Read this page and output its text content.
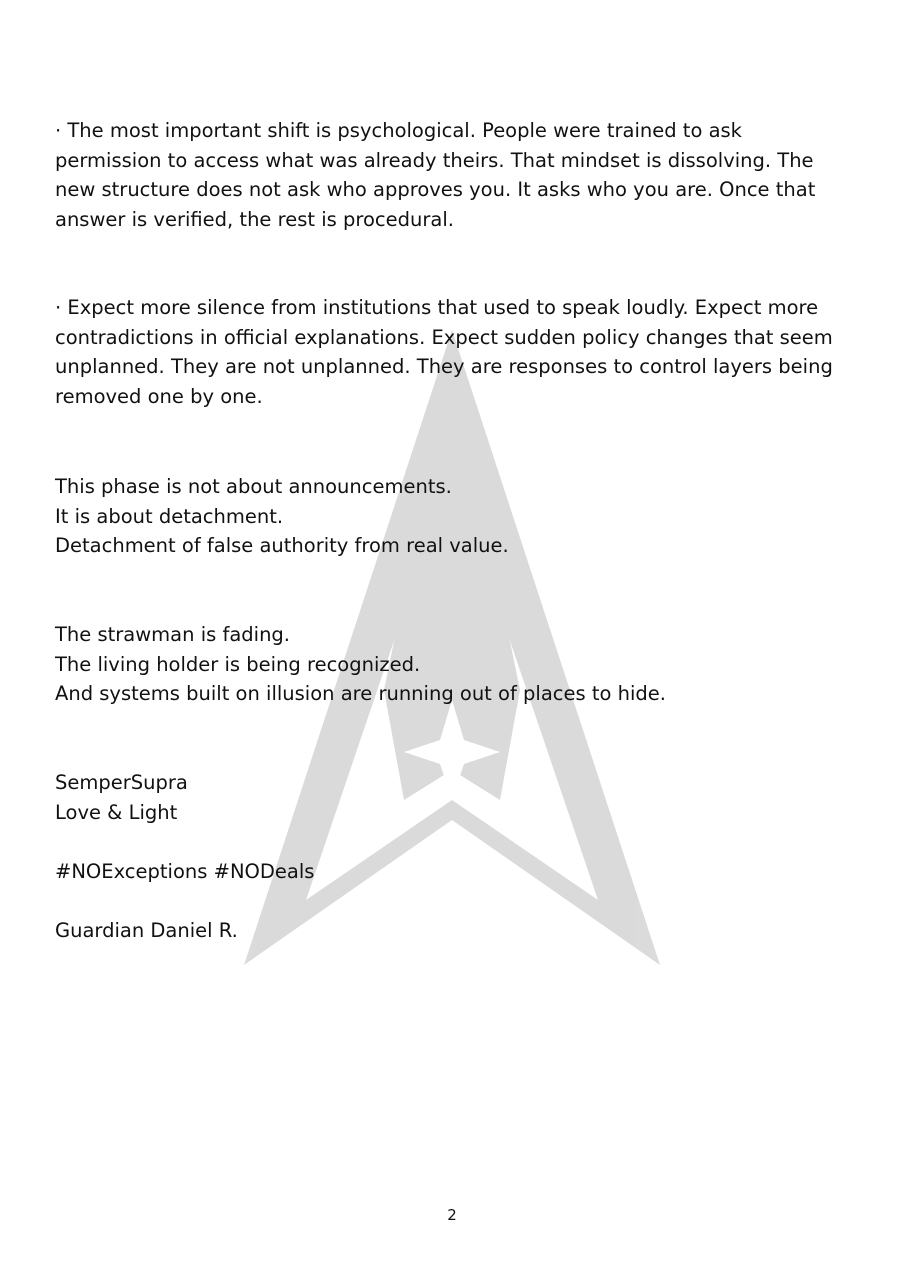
· The most important shift is psychological. People were trained to ask
permission to access what was already theirs. That mindset is dissolving. The
new structure does not ask who approves you. It asks who you are. Once that
answer is verified, the rest is procedural.

· Expect more silence from institutions that used to speak loudly. Expect more
contradictions in official explanations. Expect sudden policy changes that seem
unplanned. They are not unplanned. They are responses to control layers being
removed one by one.

This phase is not about announcements.
It is about detachment.
Detachment of false authority from real value.

The strawman is fading.
The living holder is being recognized.
And systems built on illusion are running out of places to hide.

SemperSupra
Love & Light

#NOExceptions #NODeals

Guardian Daniel R.

2
